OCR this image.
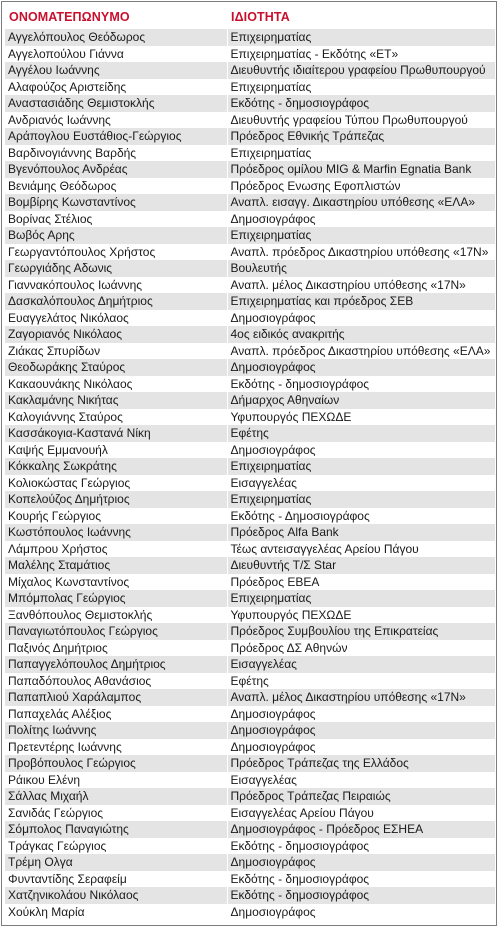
ΟΝΟΜΑΤΕΠΩΝΥΜΟ	ΙΔΙΟΤΗΤΑ
Αγγελόπουλος Θεόδωρος	Επιχειρηματίας
Αγγελοπούλου Γιάννα	Επιχειρηματίας - Εκδότης «ΕΤ»
Αγγέλου Ιωάννης	Διευθυντής ιδιαίτερου γραφείου Πρωθυπουργού
Αλαφούζος Αριστείδης	Επιχειρηματίας
Αναστασιάδης Θεμιστοκλής	Εκδότης - δημοσιογράφος
Ανδριανός Ιωάννης	Διευθυντής γραφείου Τύπου Πρωθυπουργού
Αράπογλου Ευστάθιος-Γεώργιος	Πρόεδρος Εθνικής Τράπεζας
Βαρδινογιάννης Βαρδής	Επιχειρηματίας
Βγενόπουλος Ανδρέας	Πρόεδρος ομίλου MIG & Marfin Egnatia Bank
Βενιάμης Θεόδωρος	Πρόεδρος Ενωσης Εφοπλιστών
Βομβίρης Κωνσταντίνος	Αναπλ. εισαγγ. Δικαστηρίου υπόθεσης «ΕΛΑ»
Βορίνας Στέλιος	Δημοσιογράφος
Βωβός Αρης	Επιχειρηματίας
Γεωργαντόπουλος Χρήστος	Αναπλ. πρόεδρος Δικαστηρίου υπόθεσης «17Ν»
Γεωργιάδης Αδωνις	Βουλευτής
Γιαννακόπουλος Ιωάννης	Αναπλ. μέλος Δικαστηρίου υπόθεσης «17Ν»
Δασκαλόπουλος Δημήτριος	Επιχειρηματίας και πρόεδρος ΣΕΒ
Ευαγγελάτος Νικόλαος	Δημοσιογράφος
Ζαγοριανός Νικόλαος	4ος ειδικός ανακριτής
Ζιάκας Σπυρίδων	Αναπλ. πρόεδρος Δικαστηρίου υπόθεσης «ΕΛΑ»
Θεοδωράκης Σταύρος	Δημοσιογράφος
Κακαουνάκης Νικόλαος	Εκδότης - δημοσιογράφος
Κακλαμάνης Νικήτας	Δήμαρχος Αθηναίων
Καλογιάννης Σταύρος	Υφυπουργός ΠΕΧΩΔΕ
Κασσάκογια-Καστανά Νίκη	Εφέτης
Καψής Εμμανουήλ	Δημοσιογράφος
Κόκκαλης Σωκράτης	Επιχειρηματίας
Κολιοκώστας Γεώργιος	Εισαγγελέας
Κοπελούζος Δημήτριος	Επιχειρηματίας
Κουρής Γεώργιος	Εκδότης - Δημοσιογράφος
Κωστόπουλος Ιωάννης	Πρόεδρος Alfa Bank
Λάμπρου Χρήστος	Τέως αντεισαγγελέας Αρείου Πάγου
Μαλέλης Σταμάτιος	Διευθυντής Τ/Σ Star
Μίχαλος Κωνσταντίνος	Πρόεδρος ΕΒΕΑ
Μπόμπολας Γεώργιος	Επιχειρηματίας
Ξανθόπουλος Θεμιστοκλής	Υφυπουργός ΠΕΧΩΔΕ
Παναγιωτόπουλος Γεώργιος	Πρόεδρος Συμβουλίου της Επικρατείας
Παξινός Δημήτριος	Πρόεδρος ΔΣ Αθηνών
Παπαγγελόπουλος Δημήτριος	Εισαγγελέας
Παπαδόπουλος Αθανάσιος	Εφέτης
Παπαπλιού Χαράλαμπος	Αναπλ. μέλος Δικαστηρίου υπόθεσης «17Ν»
Παπαχελάς Αλέξιος	Δημοσιογράφος
Πολίτης Ιωάννης	Δημοσιογράφος
Πρετεντέρης Ιωάννης	Δημοσιογράφος
Προβόπουλος Γεώργιος	Πρόεδρος Τράπεζας της Ελλάδος
Ράικου Ελένη	Εισαγγελέας
Σάλλας Μιχαήλ	Πρόεδρος Τράπεζας Πειραιώς
Σανιδάς Γεώργιος	Εισαγγελέας Αρείου Πάγου
Σόμπολος Παναγιώτης	Δημοσιογράφος - Πρόεδρος ΕΣΗΕΑ
Τράγκας Γεώργιος	Εκδότης - δημοσιογράφος
Τρέμη Ολγα	Δημοσιογράφος
Φυνταντίδης Σεραφείμ	Εκδότης - δημοσιογράφος
Χατζηνικολάου Νικόλαος	Εκδότης - δημοσιογράφος
Χούκλη Μαρία	Δημοσιογράφος
